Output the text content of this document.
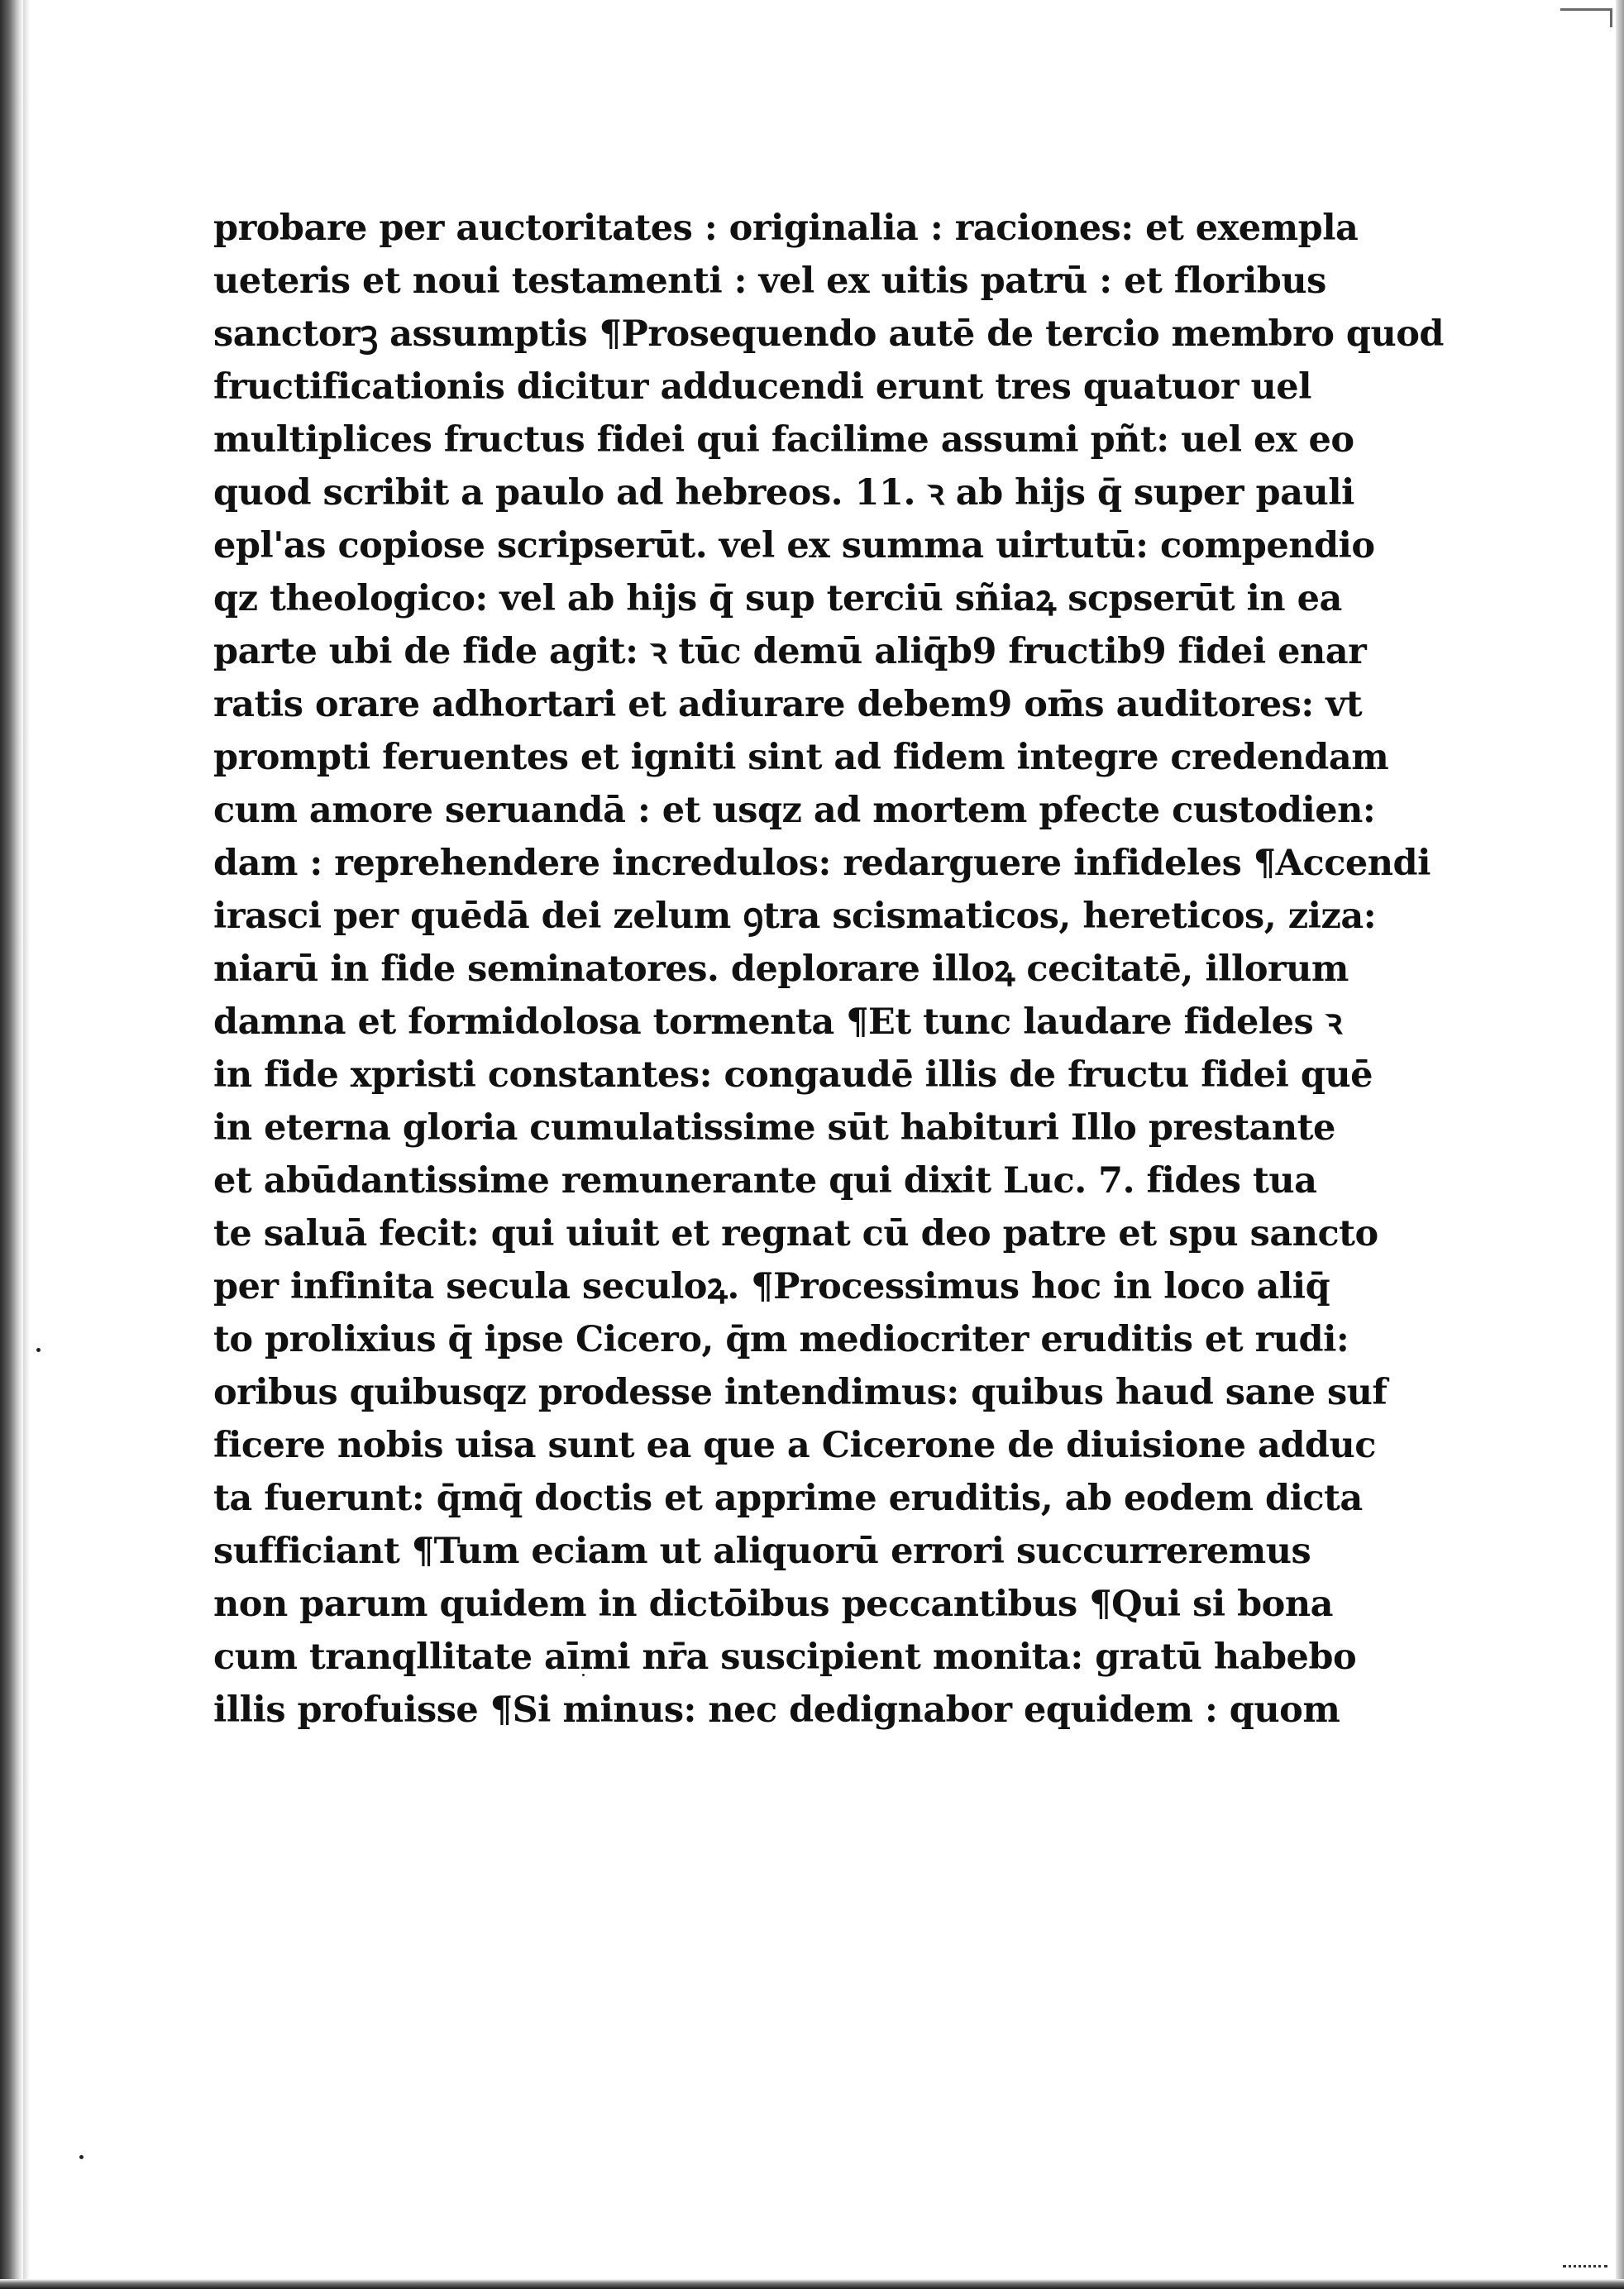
probare per auctoritates : originalia : raciones: et exempla
ueteris et noui testamenti : vel ex uitis patrū : et floribus
sanctorꝫ assumptis ¶Prosequendo autē de tercio membro quod
fructificationis dicitur adducendi erunt tres quatuor uel
multiplices fructus fidei qui facilime assumi pñt: uel ex eo
quod scribit a paulo ad hebreos. 11. ꝛ ab hijs q̄ super pauli
epl'as copiose scripserūt. vel ex summa uirtutū: compendio
qz theologico: vel ab hijs q̄ sup terciū sñiaꝝ scpserūt in ea
parte ubi de fide agit: ꝛ tūc demū aliq̄b9 fructib9 fidei enar
ratis orare adhortari et adiurare debem9 om̄s auditores: vt
prompti feruentes et igniti sint ad fidem integre credendam
cum amore seruandā : et usqz ad mortem pfecte custodien:
dam : reprehendere incredulos: redarguere infideles ¶Accendi
irasci per quēdā dei zelum ꝯtra scismaticos, hereticos, ziza:
niarū in fide seminatores. deplorare illoꝝ cecitatē, illorum
damna et formidolosa tormenta ¶Et tunc laudare fideles ꝛ
in fide xpristi constantes: congaudē illis de fructu fidei quē
in eterna gloria cumulatissime sūt habituri Illo prestante
et abūdantissime remunerante qui dixit Luc. 7. fides tua
te saluā fecit: qui uiuit et regnat cū deo patre et spu sancto
per infinita secula seculoꝝ. ¶Processimus hoc in loco aliq̄
to prolixius q̄ ipse Cicero, q̄m mediocriter eruditis et rudi:
oribus quibusqz prodesse intendimus: quibus haud sane suf
ficere nobis uisa sunt ea que a Cicerone de diuisione adduc
ta fuerunt: q̄mq̄ doctis et apprime eruditis, ab eodem dicta
sufficiant ¶Tum eciam ut aliquorū errori succurreremus
non parum quidem in dictōibus peccantibus ¶Qui si bona
cum tranqllitate aīmi nr̄a suscipient monita: gratū habebo
illis profuisse ¶Si minus: nec dedignabor equidem : quom
